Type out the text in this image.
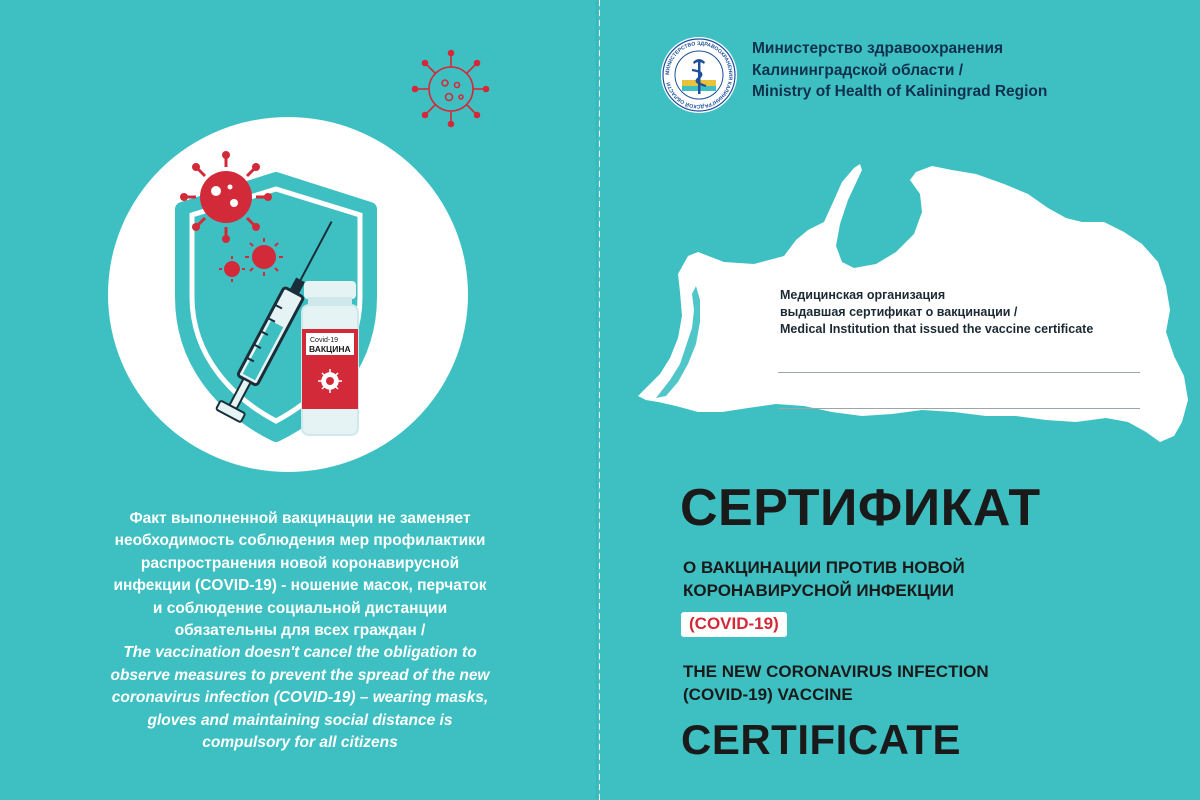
Covid-19
ВАКЦИНА
Факт выполненной вакцинации не заменяет
необходимость соблюдения мер профилактики
распространения новой коронавирусной
инфекции (COVID-19) - ношение масок, перчаток
и соблюдение социальной дистанции
обязательны для всех граждан /
The vaccination doesn't cancel the obligation to
observe measures to prevent the spread of the new
coronavirus infection (COVID-19) – wearing masks,
gloves and maintaining social distance is
compulsory for all citizens
МИНИСТЕРСТВО ЗДРАВООХРАНЕНИЯ КАЛИНИНГРАДСКОЙ ОБЛАСТИ
Министерство здравоохранения
Калининградской области /
Ministry of Health of Kaliningrad Region
Медицинская организация
выдавшая сертификат о вакцинации /
Medical Institution that issued the vaccine certificate
СЕРТИФИКАТ
О ВАКЦИНАЦИИ ПРОТИВ НОВОЙ
КОРОНАВИРУСНОЙ ИНФЕКЦИИ
(COVID-19)
THE NEW CORONAVIRUS INFECTION
(COVID-19) VACCINE
CERTIFICATE
